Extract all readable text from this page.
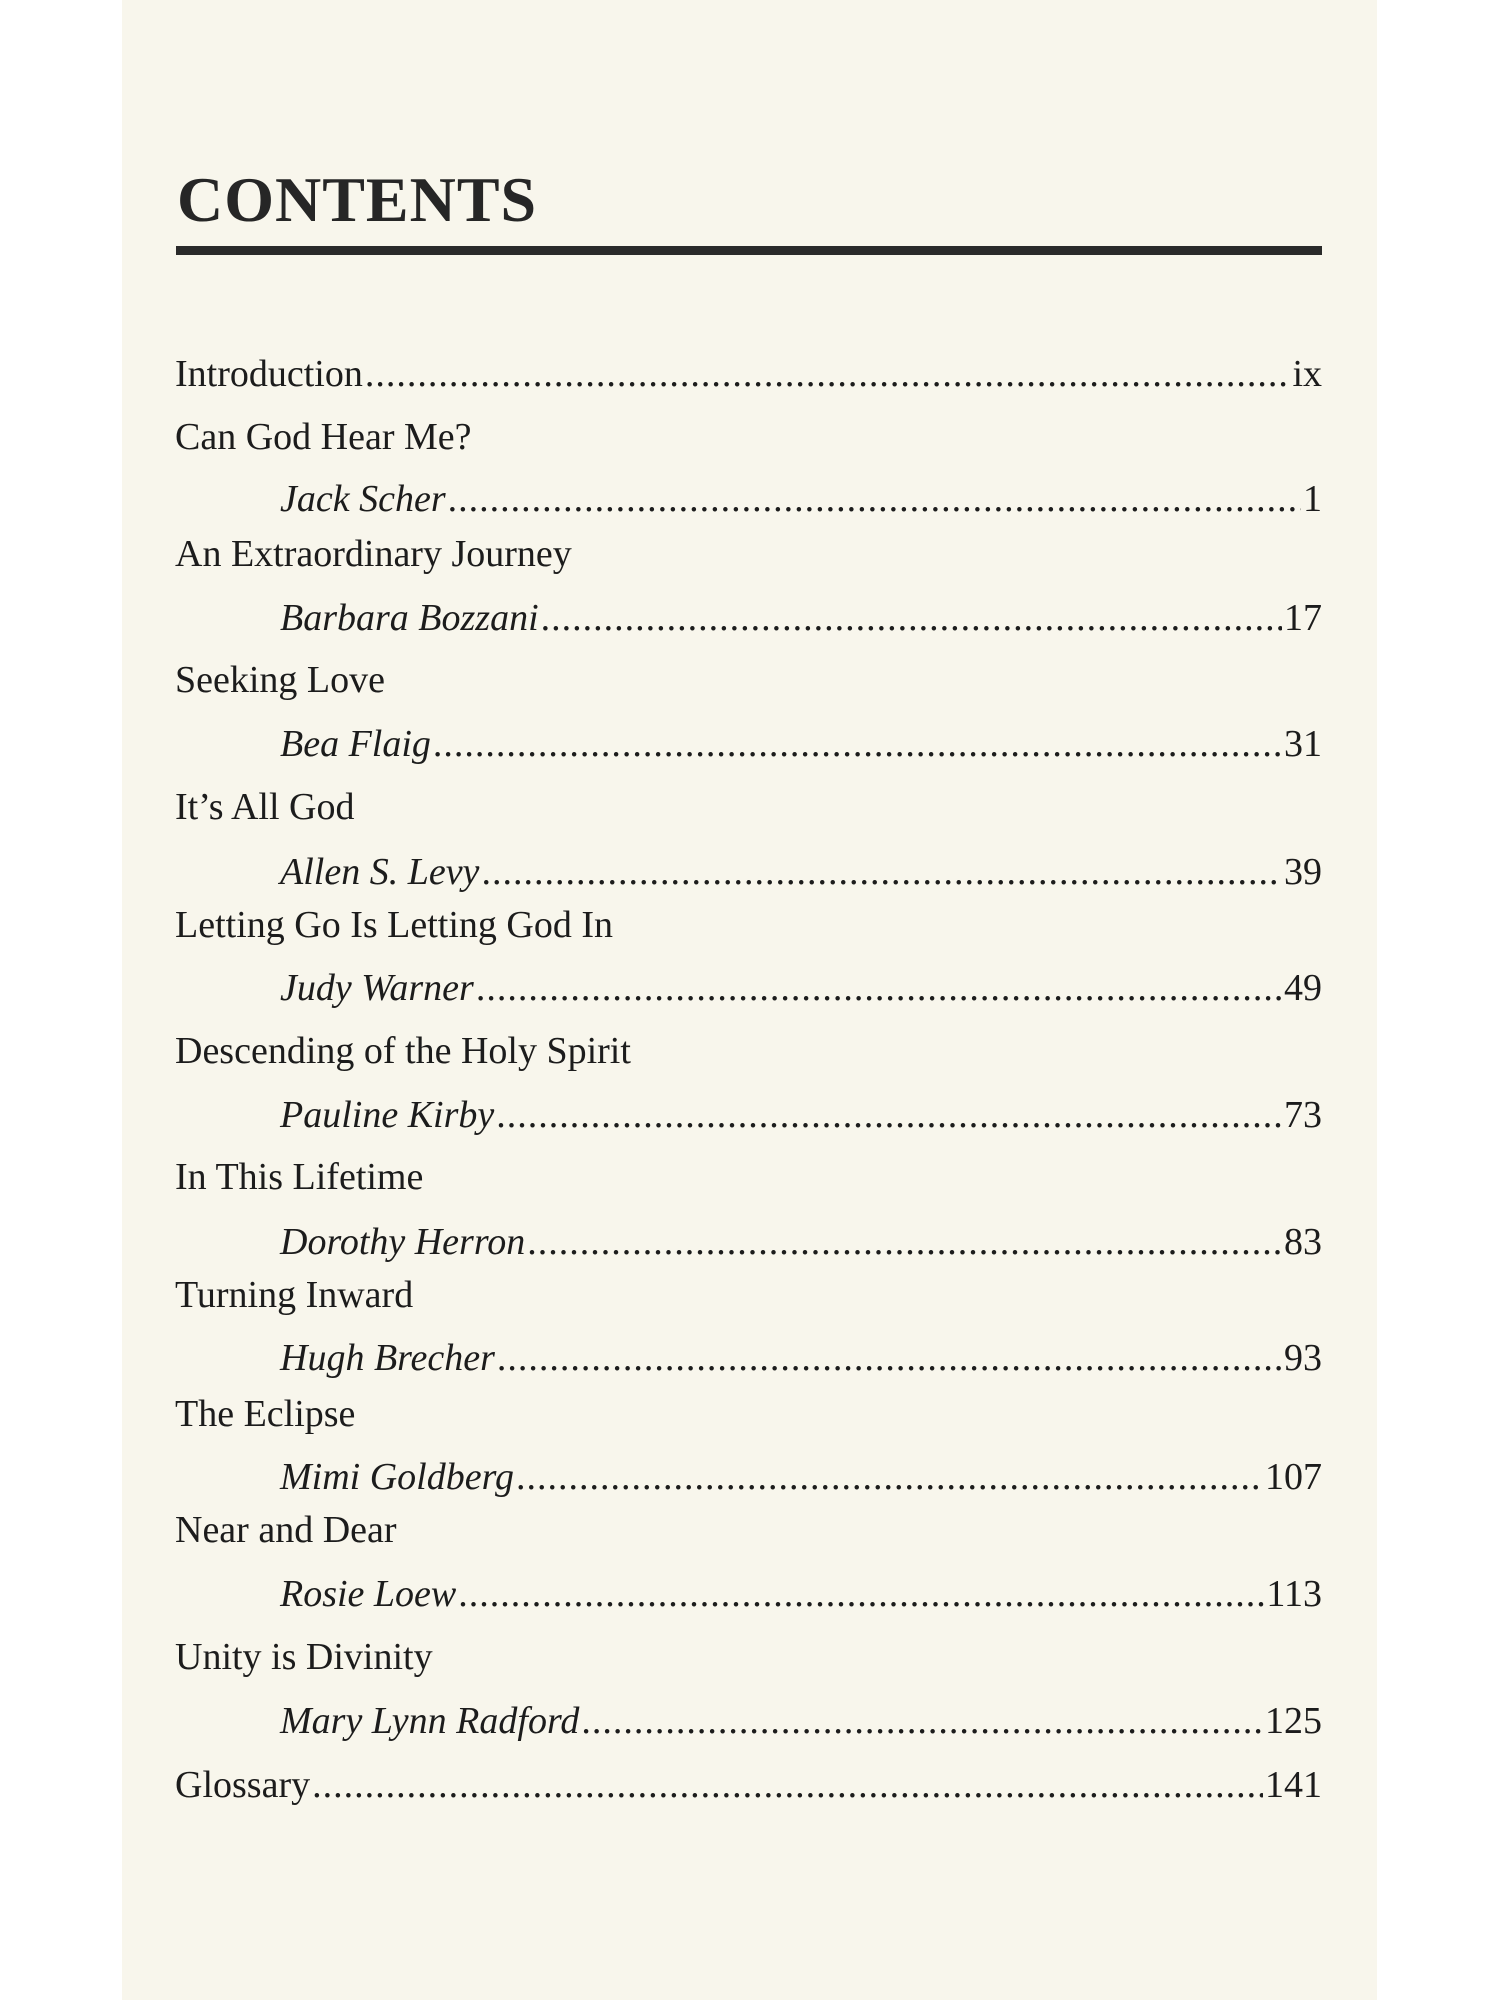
CONTENTS
Introduction .....	ix
Can God Hear Me?
Jack Scher .....	1
An Extraordinary Journey
Barbara Bozzani .....	17
Seeking Love
Bea Flaig .....	31
It’s All God
Allen S. Levy .....	39
Letting Go Is Letting God In
Judy Warner .....	49
Descending of the Holy Spirit
Pauline Kirby .....	73
In This Lifetime
Dorothy Herron .....	83
Turning Inward
Hugh Brecher .....	93
The Eclipse
Mimi Goldberg .....	107
Near and Dear
Rosie Loew .....	113
Unity is Divinity
Mary Lynn Radford .....	125
Glossary .....	141
